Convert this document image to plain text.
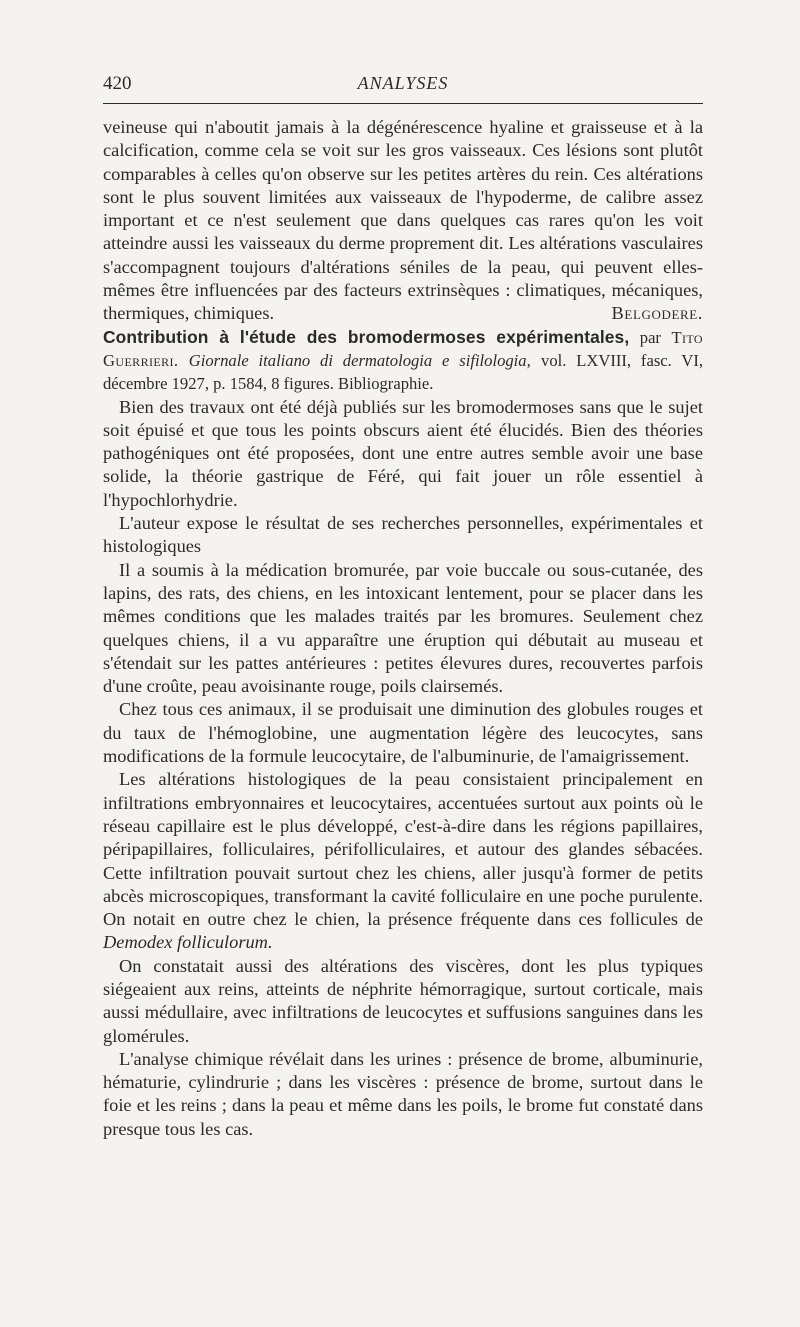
420	ANALYSES

veineuse qui n'aboutit jamais à la dégénérescence hyaline et graisseuse et à la calcification, comme cela se voit sur les gros vaisseaux. Ces lésions sont plutôt comparables à celles qu'on observe sur les petites artères du rein. Ces altérations sont le plus souvent limitées aux vaisseaux de l'hypoderme, de calibre assez important et ce n'est seulement que dans quelques cas rares qu'on les voit atteindre aussi les vaisseaux du derme proprement dit. Les altérations vasculaires s'accompagnent toujours d'altérations séniles de la peau, qui peuvent elles-mêmes être influencées par des facteurs extrinsèques : climatiques, mécaniques, thermiques, chimiques.	Belgodere.

Contribution à l'étude des bromodermoses expérimentales, par Tito Guerrieri. Giornale italiano di dermatologia e sifilologia, vol. LXVIII, fasc. VI, décembre 1927, p. 1584, 8 figures. Bibliographie.

Bien des travaux ont été déjà publiés sur les bromodermoses sans que le sujet soit épuisé et que tous les points obscurs aient été élucidés. Bien des théories pathogéniques ont été proposées, dont une entre autres semble avoir une base solide, la théorie gastrique de Féré, qui fait jouer un rôle essentiel à l'hypochlorhydrie.

L'auteur expose le résultat de ses recherches personnelles, expérimentales et histologiques

Il a soumis à la médication bromurée, par voie buccale ou sous-cutanée, des lapins, des rats, des chiens, en les intoxicant lentement, pour se placer dans les mêmes conditions que les malades traités par les bromures. Seulement chez quelques chiens, il a vu apparaître une éruption qui débutait au museau et s'étendait sur les pattes antérieures : petites élevures dures, recouvertes parfois d'une croûte, peau avoisinante rouge, poils clairsemés.

Chez tous ces animaux, il se produisait une diminution des globules rouges et du taux de l'hémoglobine, une augmentation légère des leucocytes, sans modifications de la formule leucocytaire, de l'albuminurie, de l'amaigrissement.

Les altérations histologiques de la peau consistaient principalement en infiltrations embryonnaires et leucocytaires, accentuées surtout aux points où le réseau capillaire est le plus développé, c'est-à-dire dans les régions papillaires, péripapillaires, folliculaires, périfolliculaires, et autour des glandes sébacées. Cette infiltration pouvait surtout chez les chiens, aller jusqu'à former de petits abcès microscopiques, transformant la cavité folliculaire en une poche purulente. On notait en outre chez le chien, la présence fréquente dans ces follicules de Demodex folliculorum.

On constatait aussi des altérations des viscères, dont les plus typiques siégeaient aux reins, atteints de néphrite hémorragique, surtout corticale, mais aussi médullaire, avec infiltrations de leucocytes et suffusions sanguines dans les glomérules.

L'analyse chimique révélait dans les urines : présence de brome, albuminurie, hématurie, cylindrurie ; dans les viscères : présence de brome, surtout dans le foie et les reins ; dans la peau et même dans les poils, le brome fut constaté dans presque tous les cas.
